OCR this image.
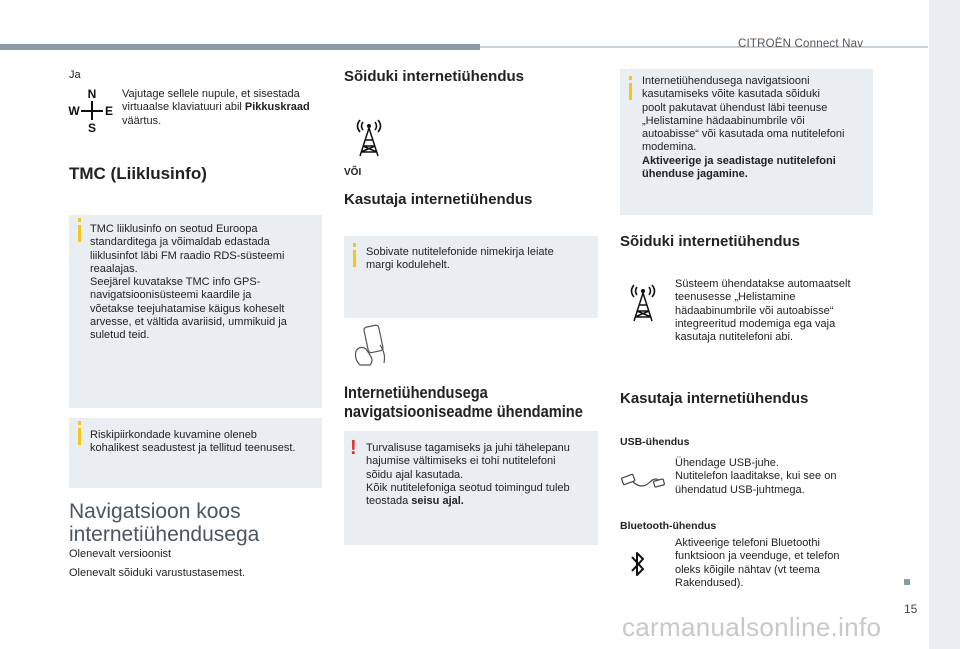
CITROËN Connect Nav
15
Ja
N
W E
S
Vajutage sellele nupule, et sisestada virtuaalse klaviatuuri abil Pikkuskraad väärtus.
TMC (Liiklusinfo)
TMC liiklusinfo on seotud Euroopa
standarditega ja võimaldab edastada
liiklusinfot läbi FM raadio RDS-süsteemi
reaalajas.
Seejärel kuvatakse TMC info GPS-
navigatsioonisüsteemi kaardile ja
võetakse teejuhatamise käigus koheselt
arvesse, et vältida avariisid, ummikuid ja
suletud teid.
Riskipiirkondade kuvamine oleneb
kohalikest seadustest ja tellitud teenusest.
Navigatsioon koos
internetiühendusega
Olenevalt versioonist
Olenevalt sõiduki varustustasemest.
Sõiduki internetiühendus
VÕI
Kasutaja internetiühendus
Sobivate nutitelefonide nimekirja leiate
margi kodulehelt.
Internetiühendusega
navigatsiooniseadme ühendamine
! Turvalisuse tagamiseks ja juhi tähelepanu
hajumise vältimiseks ei tohi nutitelefoni
sõidu ajal kasutada.
Kõik nutitelefoniga seotud toimingud tuleb
teostada seisu ajal.
Internetiühendusega navigatsiooni
kasutamiseks võite kasutada sõiduki
poolt pakutavat ühendust läbi teenuse
„Helistamine hädaabinumbrile või
autoabisse“ või kasutada oma nutitelefoni
modemina.
Aktiveerige ja seadistage nutitelefoni
ühenduse jagamine.
Sõiduki internetiühendus
Süsteem ühendatakse automaatselt
teenusesse „Helistamine
hädaabinumbrile või autoabisse“
integreeritud modemiga ega vaja
kasutaja nutitelefoni abi.
Kasutaja internetiühendus
USB-ühendus
Ühendage USB-juhe.
Nutitelefon laaditakse, kui see on
ühendatud USB-juhtmega.
Bluetooth-ühendus
Aktiveerige telefoni Bluetoothi
funktsioon ja veenduge, et telefon
oleks kõigile nähtav (vt teema
Rakendused).
carmanualsonline.info
